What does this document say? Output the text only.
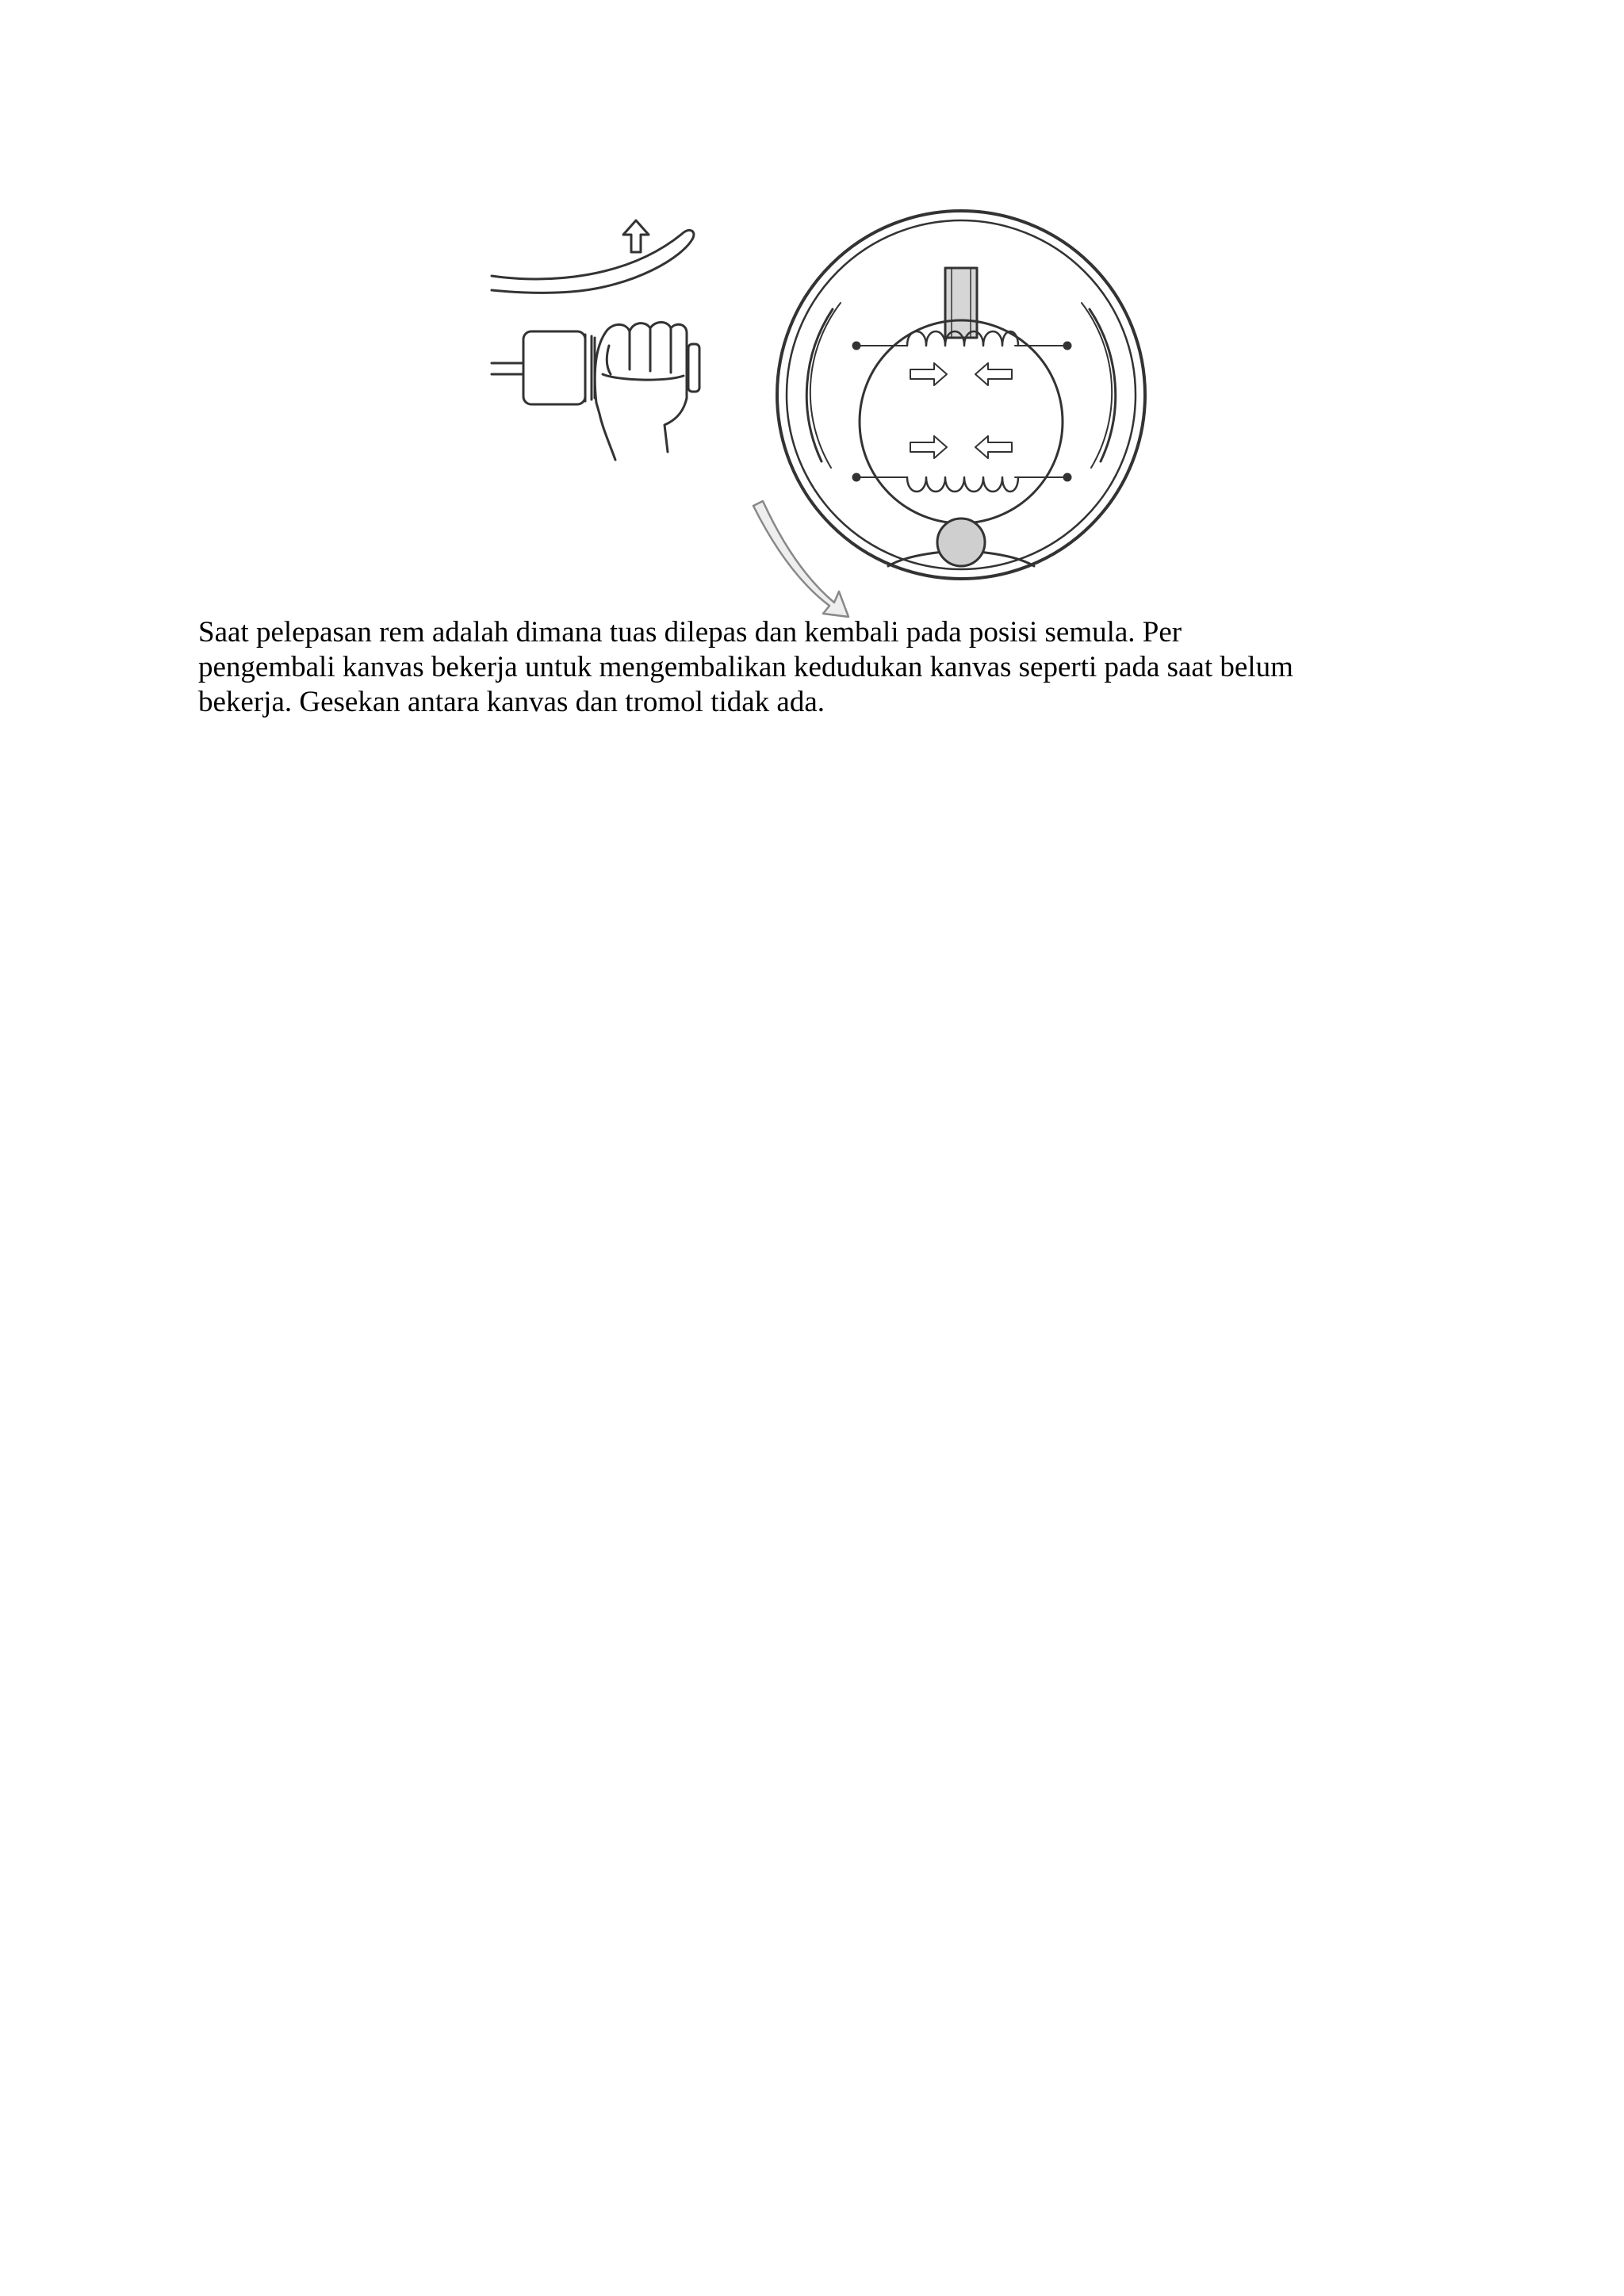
Saat pelepasan rem adalah dimana tuas dilepas dan kembali pada posisi semula. Per
pengembali kanvas bekerja untuk mengembalikan kedudukan kanvas seperti pada saat belum
bekerja. Gesekan antara kanvas dan tromol tidak ada.
